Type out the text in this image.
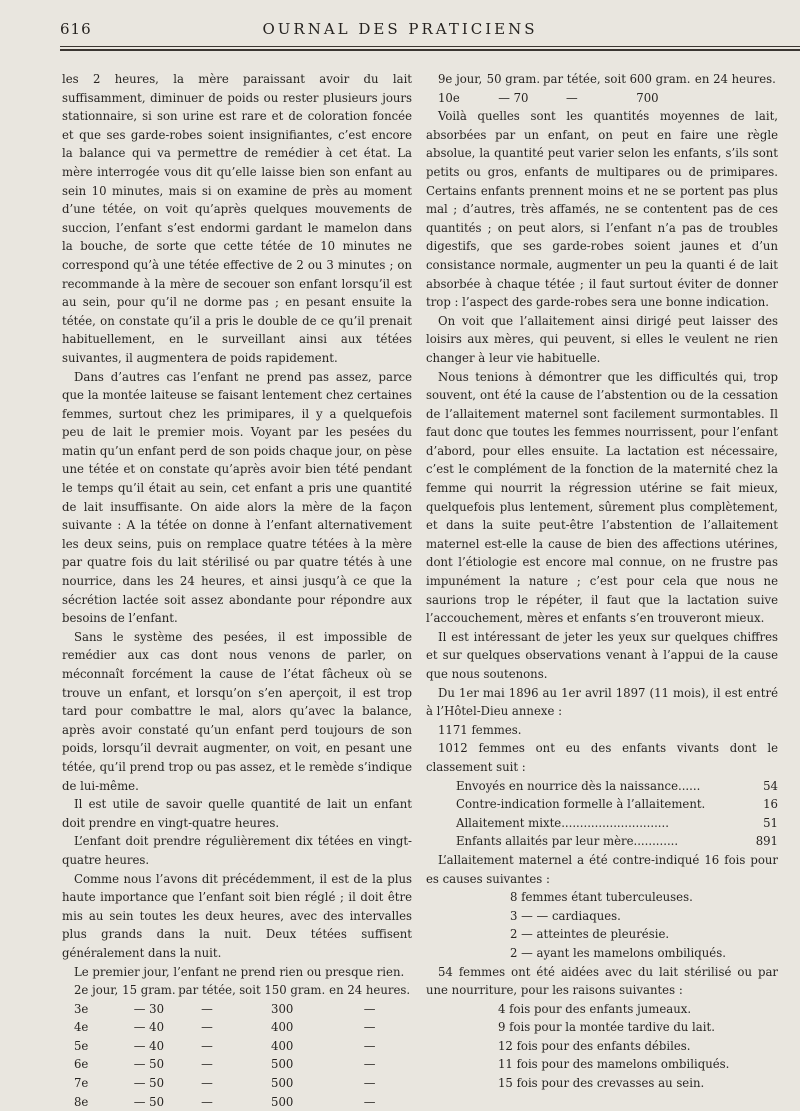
616	OURNAL DES PRATICIENS

les 2 heures, la mère paraissant avoir du lait suffisamment, diminuer de poids ou rester plusieurs jours stationnaire, si son urine est rare et de coloration foncée et que ses garde-robes soient insignifiantes, c’est encore la balance qui va permettre de remédier à cet état. La mère interrogée vous dit qu’elle laisse bien son enfant au sein 10 minutes, mais si on examine de près au moment d’une tétée, on voit qu’après quelques mouvements de succion, l’enfant s’est endormi gardant le mamelon dans la bouche, de sorte que cette tétée de 10 minutes ne correspond qu’à une tétée effective de 2 ou 3 minutes ; on recommande à la mère de secouer son enfant lorsqu’il est au sein, pour qu’il ne dorme pas ; en pesant ensuite la tétée, on constate qu’il a pris le double de ce qu’il prenait habituellement, en le surveillant ainsi aux tétées suivantes, il augmentera de poids rapidement.

Dans d’autres cas l’enfant ne prend pas assez, parce que la montée laiteuse se faisant lentement chez certaines femmes, surtout chez les primipares, il y a quelquefois peu de lait le premier mois. Voyant par les pesées du matin qu’un enfant perd de son poids chaque jour, on pèse une tétée et on constate qu’après avoir bien tété pendant le temps qu’il était au sein, cet enfant a pris une quantité de lait insuffisante. On aide alors la mère de la façon suivante : A la tétée on donne à l’enfant alternativement les deux seins, puis on remplace quatre tétées à la mère par quatre fois du lait stérilisé ou par quatre tétés à une nourrice, dans les 24 heures, et ainsi jusqu’à ce que la sécrétion lactée soit assez abondante pour répondre aux besoins de l’enfant.

Sans le système des pesées, il est impossible de remédier aux cas dont nous venons de parler, on méconnaît forcément la cause de l’état fâcheux où se trouve un enfant, et lorsqu’on s’en aperçoit, il est trop tard pour combattre le mal, alors qu’avec la balance, après avoir constaté qu’un enfant perd toujours de son poids, lorsqu’il devrait augmenter, on voit, en pesant une tétée, qu’il prend trop ou pas assez, et le remède s’indique de lui-même.

Il est utile de savoir quelle quantité de lait un enfant doit prendre en vingt-quatre heures.

L’enfant doit prendre régulièrement dix tétées en vingt-quatre heures.

Comme nous l’avons dit précédemment, il est de la plus haute importance que l’enfant soit bien réglé ; il doit être mis au sein toutes les deux heures, avec des intervalles plus grands dans la nuit. Deux tétées suffisent généralement dans la nuit.

Le premier jour, l’enfant ne prend rien ou presque rien.

2e jour,	15 gram.	par tétée,	soit 150 gram.	en 24 heures.
3e	— 30	—	300	—
4e	— 40	—	400	—
5e	— 40	—	400	—
6e	— 50	—	500	—
7e	— 50	—	500	—
8e	— 50	—	500	—
9e jour,	50 gram.	par tétée,	soit 600 gram.	en 24 heures.
10e	— 70	—	700	

Voilà quelles sont les quantités moyennes de lait, absorbées par un enfant, on peut en faire une règle absolue, la quantité peut varier selon les enfants, s’ils sont petits ou gros, enfants de multipares ou de primipares. Certains enfants prennent moins et ne se portent pas plus mal ; d’autres, très affamés, ne se contentent pas de ces quantités ; on peut alors, si l’enfant n’a pas de troubles digestifs, que ses garde-robes soient jaunes et d’un consistance normale, augmenter un peu la quanti é de lait absorbée à chaque tétée ; il faut surtout éviter de donner trop : l’aspect des garde-robes sera une bonne indication.

On voit que l’allaitement ainsi dirigé peut laisser des loisirs aux mères, qui peuvent, si elles le veulent ne rien changer à leur vie habituelle.

Nous tenions à démontrer que les difficultés qui, trop souvent, ont été la cause de l’abstention ou de la cessation de l’allaitement maternel sont facilement surmontables. Il faut donc que toutes les femmes nourrissent, pour l’enfant d’abord, pour elles ensuite. La lactation est nécessaire, c’est le complément de la fonction de la maternité chez la femme qui nourrit la régression utérine se fait mieux, quelquefois plus lentement, sûrement plus complètement, et dans la suite peut-être l’abstention de l’allaitement maternel est-elle la cause de bien des affections utérines, dont l’étiologie est encore mal connue, on ne frustre pas impunément la nature ; c’est pour cela que nous ne saurions trop le répéter, il faut que la lactation suive l’accouchement, mères et enfants s’en trouveront mieux.

Il est intéressant de jeter les yeux sur quelques chiffres et sur quelques observations venant à l’appui de la cause que nous soutenons.

Du 1er mai 1896 au 1er avril 1897 (11 mois), il est entré à l’Hôtel-Dieu annexe :

1171 femmes.

1012 femmes ont eu des enfants vivants dont le classement suit :

Envoyés en nourrice dès la naissance......	54
Contre-indication formelle à l’allaitement.	16
Allaitement mixte.............................	51
Enfants allaités par leur mère............	891

L’allaitement maternel a été contre-indiqué 16 fois pour es causes suivantes :

8 femmes étant tuberculeuses.
3 — — cardiaques.
2 — atteintes de pleurésie.
2 — ayant les mamelons ombiliqués.

54 femmes ont été aidées avec du lait stérilisé ou par une nourriture, pour les raisons suivantes :

4 fois pour des enfants jumeaux.
9 fois pour la montée tardive du lait.
12 fois pour des enfants débiles.
11 fois pour des mamelons ombiliqués.
15 fois pour des crevasses au sein.
